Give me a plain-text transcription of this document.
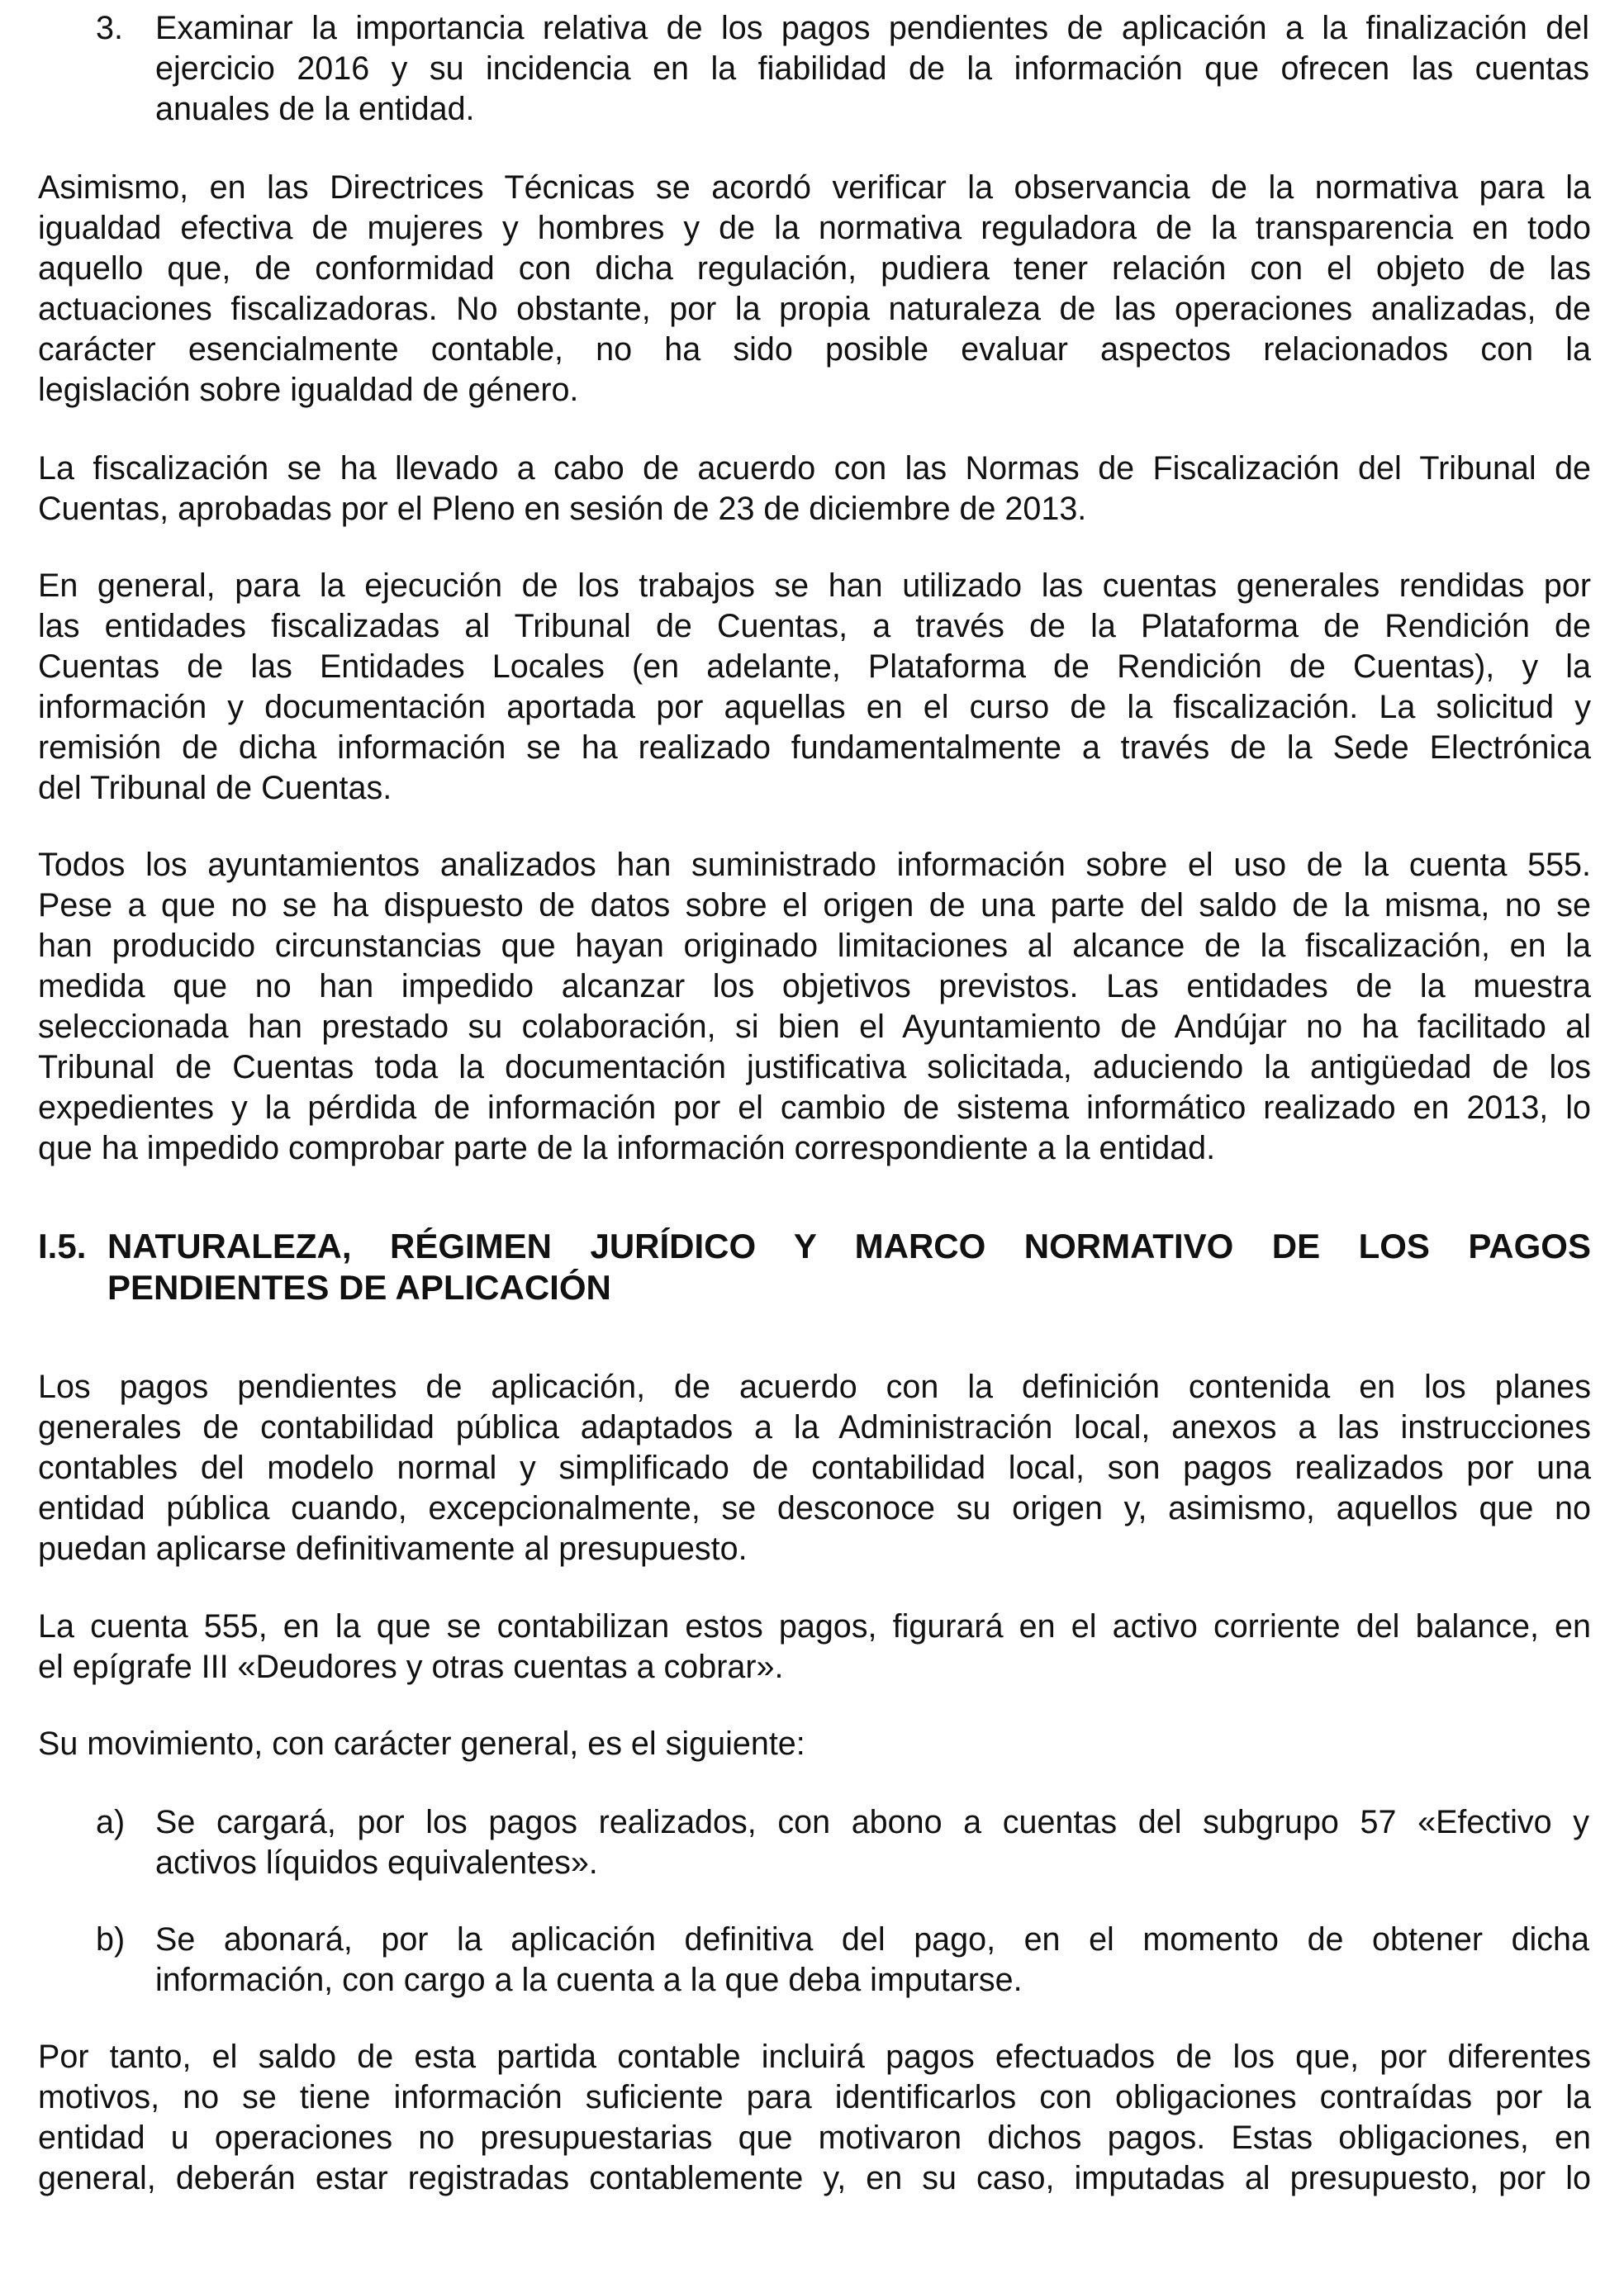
3. Examinar la importancia relativa de los pagos pendientes de aplicación a la finalización del
ejercicio 2016 y su incidencia en la fiabilidad de la información que ofrecen las cuentas
anuales de la entidad.
Asimismo, en las Directrices Técnicas se acordó verificar la observancia de la normativa para la
igualdad efectiva de mujeres y hombres y de la normativa reguladora de la transparencia en todo
aquello que, de conformidad con dicha regulación, pudiera tener relación con el objeto de las
actuaciones fiscalizadoras. No obstante, por la propia naturaleza de las operaciones analizadas, de
carácter esencialmente contable, no ha sido posible evaluar aspectos relacionados con la
legislación sobre igualdad de género.
La fiscalización se ha llevado a cabo de acuerdo con las Normas de Fiscalización del Tribunal de
Cuentas, aprobadas por el Pleno en sesión de 23 de diciembre de 2013.
En general, para la ejecución de los trabajos se han utilizado las cuentas generales rendidas por
las entidades fiscalizadas al Tribunal de Cuentas, a través de la Plataforma de Rendición de
Cuentas de las Entidades Locales (en adelante, Plataforma de Rendición de Cuentas), y la
información y documentación aportada por aquellas en el curso de la fiscalización. La solicitud y
remisión de dicha información se ha realizado fundamentalmente a través de la Sede Electrónica
del Tribunal de Cuentas.
Todos los ayuntamientos analizados han suministrado información sobre el uso de la cuenta 555.
Pese a que no se ha dispuesto de datos sobre el origen de una parte del saldo de la misma, no se
han producido circunstancias que hayan originado limitaciones al alcance de la fiscalización, en la
medida que no han impedido alcanzar los objetivos previstos. Las entidades de la muestra
seleccionada han prestado su colaboración, si bien el Ayuntamiento de Andújar no ha facilitado al
Tribunal de Cuentas toda la documentación justificativa solicitada, aduciendo la antigüedad de los
expedientes y la pérdida de información por el cambio de sistema informático realizado en 2013, lo
que ha impedido comprobar parte de la información correspondiente a la entidad.
I.5. NATURALEZA, RÉGIMEN JURÍDICO Y MARCO NORMATIVO DE LOS PAGOS
PENDIENTES DE APLICACIÓN
Los pagos pendientes de aplicación, de acuerdo con la definición contenida en los planes
generales de contabilidad pública adaptados a la Administración local, anexos a las instrucciones
contables del modelo normal y simplificado de contabilidad local, son pagos realizados por una
entidad pública cuando, excepcionalmente, se desconoce su origen y, asimismo, aquellos que no
puedan aplicarse definitivamente al presupuesto.
La cuenta 555, en la que se contabilizan estos pagos, figurará en el activo corriente del balance, en
el epígrafe III «Deudores y otras cuentas a cobrar».
Su movimiento, con carácter general, es el siguiente:
a) Se cargará, por los pagos realizados, con abono a cuentas del subgrupo 57 «Efectivo y
activos líquidos equivalentes».
b) Se abonará, por la aplicación definitiva del pago, en el momento de obtener dicha
información, con cargo a la cuenta a la que deba imputarse.
Por tanto, el saldo de esta partida contable incluirá pagos efectuados de los que, por diferentes
motivos, no se tiene información suficiente para identificarlos con obligaciones contraídas por la
entidad u operaciones no presupuestarias que motivaron dichos pagos. Estas obligaciones, en
general, deberán estar registradas contablemente y, en su caso, imputadas al presupuesto, por lo
